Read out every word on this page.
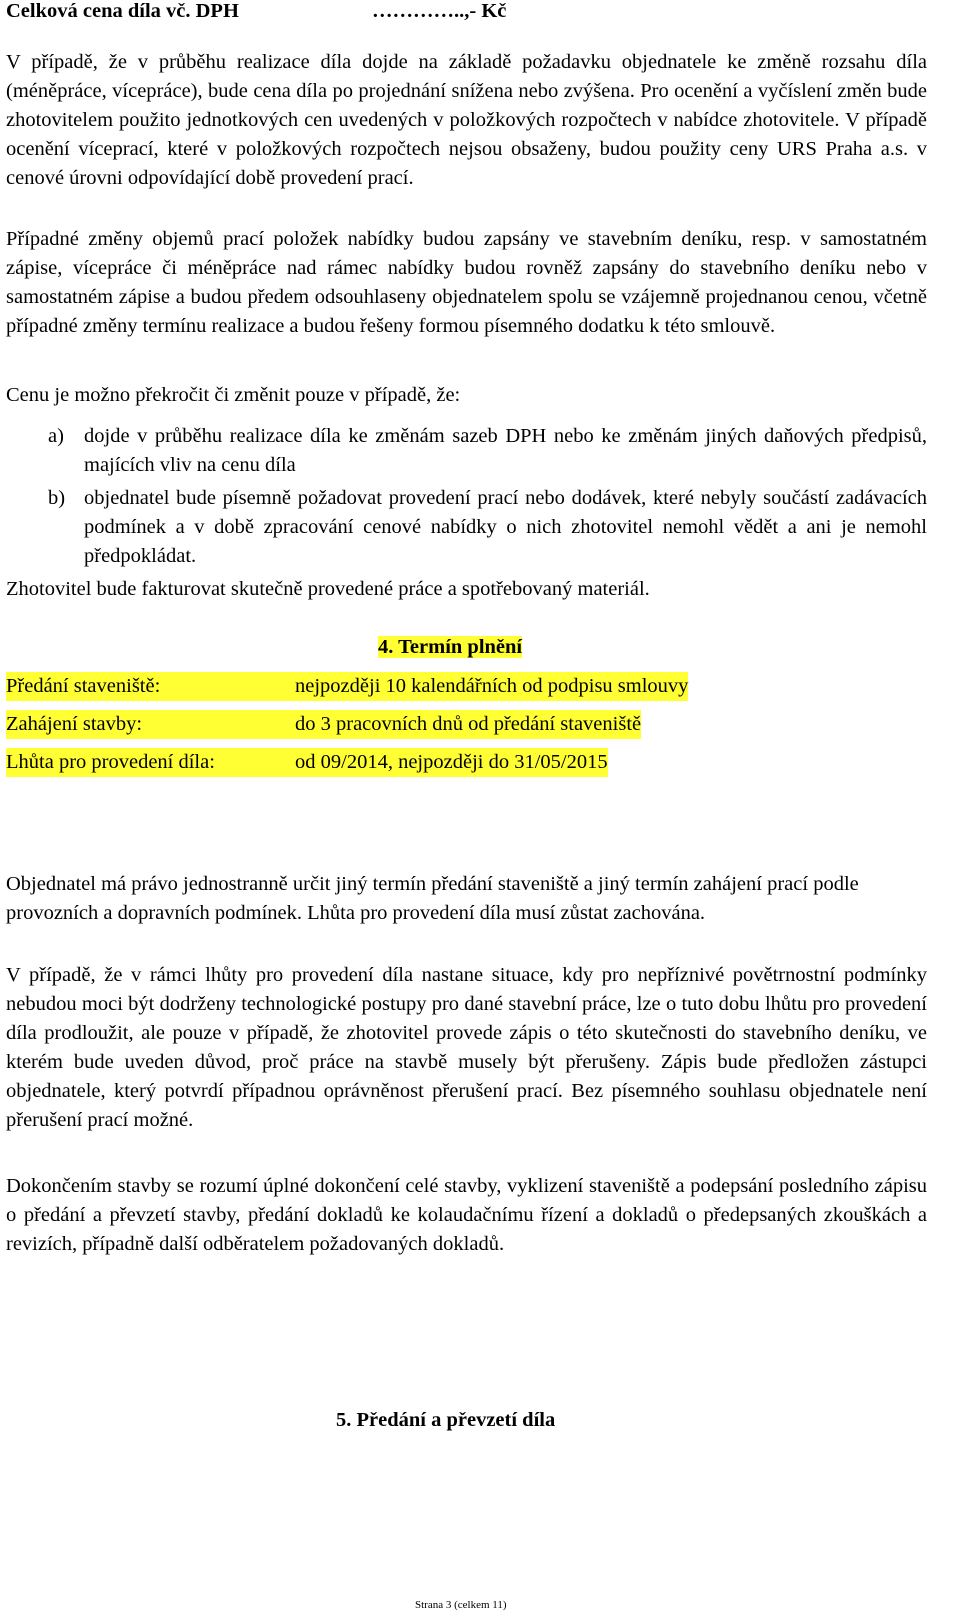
Celková cena díla vč. DPH	…………..,- Kč

V případě, že v průběhu realizace díla dojde na základě požadavku objednatele ke změně rozsahu díla (méněpráce, vícepráce), bude cena díla po projednání snížena nebo zvýšena. Pro ocenění a vyčíslení změn bude zhotovitelem použito jednotkových cen uvedených v položkových rozpočtech v nabídce zhotovitele. V případě ocenění víceprací, které v položkových rozpočtech nejsou obsaženy, budou použity ceny URS Praha a.s. v cenové úrovni odpovídající době provedení prací.

Případné změny objemů prací položek nabídky budou zapsány ve stavebním deníku, resp. v samostatném zápise, vícepráce či méněpráce nad rámec nabídky budou rovněž zapsány do stavebního deníku nebo v samostatném zápise a budou předem odsouhlaseny objednatelem spolu se vzájemně projednanou cenou, včetně případné změny termínu realizace a budou řešeny formou písemného dodatku k této smlouvě.

Cenu je možno překročit či změnit pouze v případě, že:

a) dojde v průběhu realizace díla ke změnám sazeb DPH nebo ke změnám jiných daňových předpisů, majících vliv na cenu díla
b) objednatel bude písemně požadovat provedení prací nebo dodávek, které nebyly součástí zadávacích podmínek a v době zpracování cenové nabídky o nich zhotovitel nemohl vědět a ani je nemohl předpokládat.

Zhotovitel bude fakturovat skutečně provedené práce a spotřebovaný materiál.

4. Termín plnění
Předání staveniště:	nejpozději 10 kalendářních od podpisu smlouvy
Zahájení stavby:	do 3 pracovních dnů od předání staveniště
Lhůta pro provedení díla:	od 09/2014, nejpozději do 31/05/2015

Objednatel má právo jednostranně určit jiný termín předání staveniště a jiný termín zahájení prací podle provozních a dopravních podmínek. Lhůta pro provedení díla musí zůstat zachována.

V případě, že v rámci lhůty pro provedení díla nastane situace, kdy pro nepříznivé povětrnostní podmínky nebudou moci být dodrženy technologické postupy pro dané stavební práce, lze o tuto dobu lhůtu pro provedení díla prodloužit, ale pouze v případě, že zhotovitel provede zápis o této skutečnosti do stavebního deníku, ve kterém bude uveden důvod, proč práce na stavbě musely být přerušeny. Zápis bude předložen zástupci objednatele, který potvrdí případnou oprávněnost přerušení prací. Bez písemného souhlasu objednatele není přerušení prací možné.

Dokončením stavby se rozumí úplné dokončení celé stavby, vyklizení staveniště a podepsání posledního zápisu o předání a převzetí stavby, předání dokladů ke kolaudačnímu řízení a dokladů o předepsaných zkouškách a revizích, případně další odběratelem požadovaných dokladů.

5. Předání a převzetí díla
Strana 3 (celkem 11)
